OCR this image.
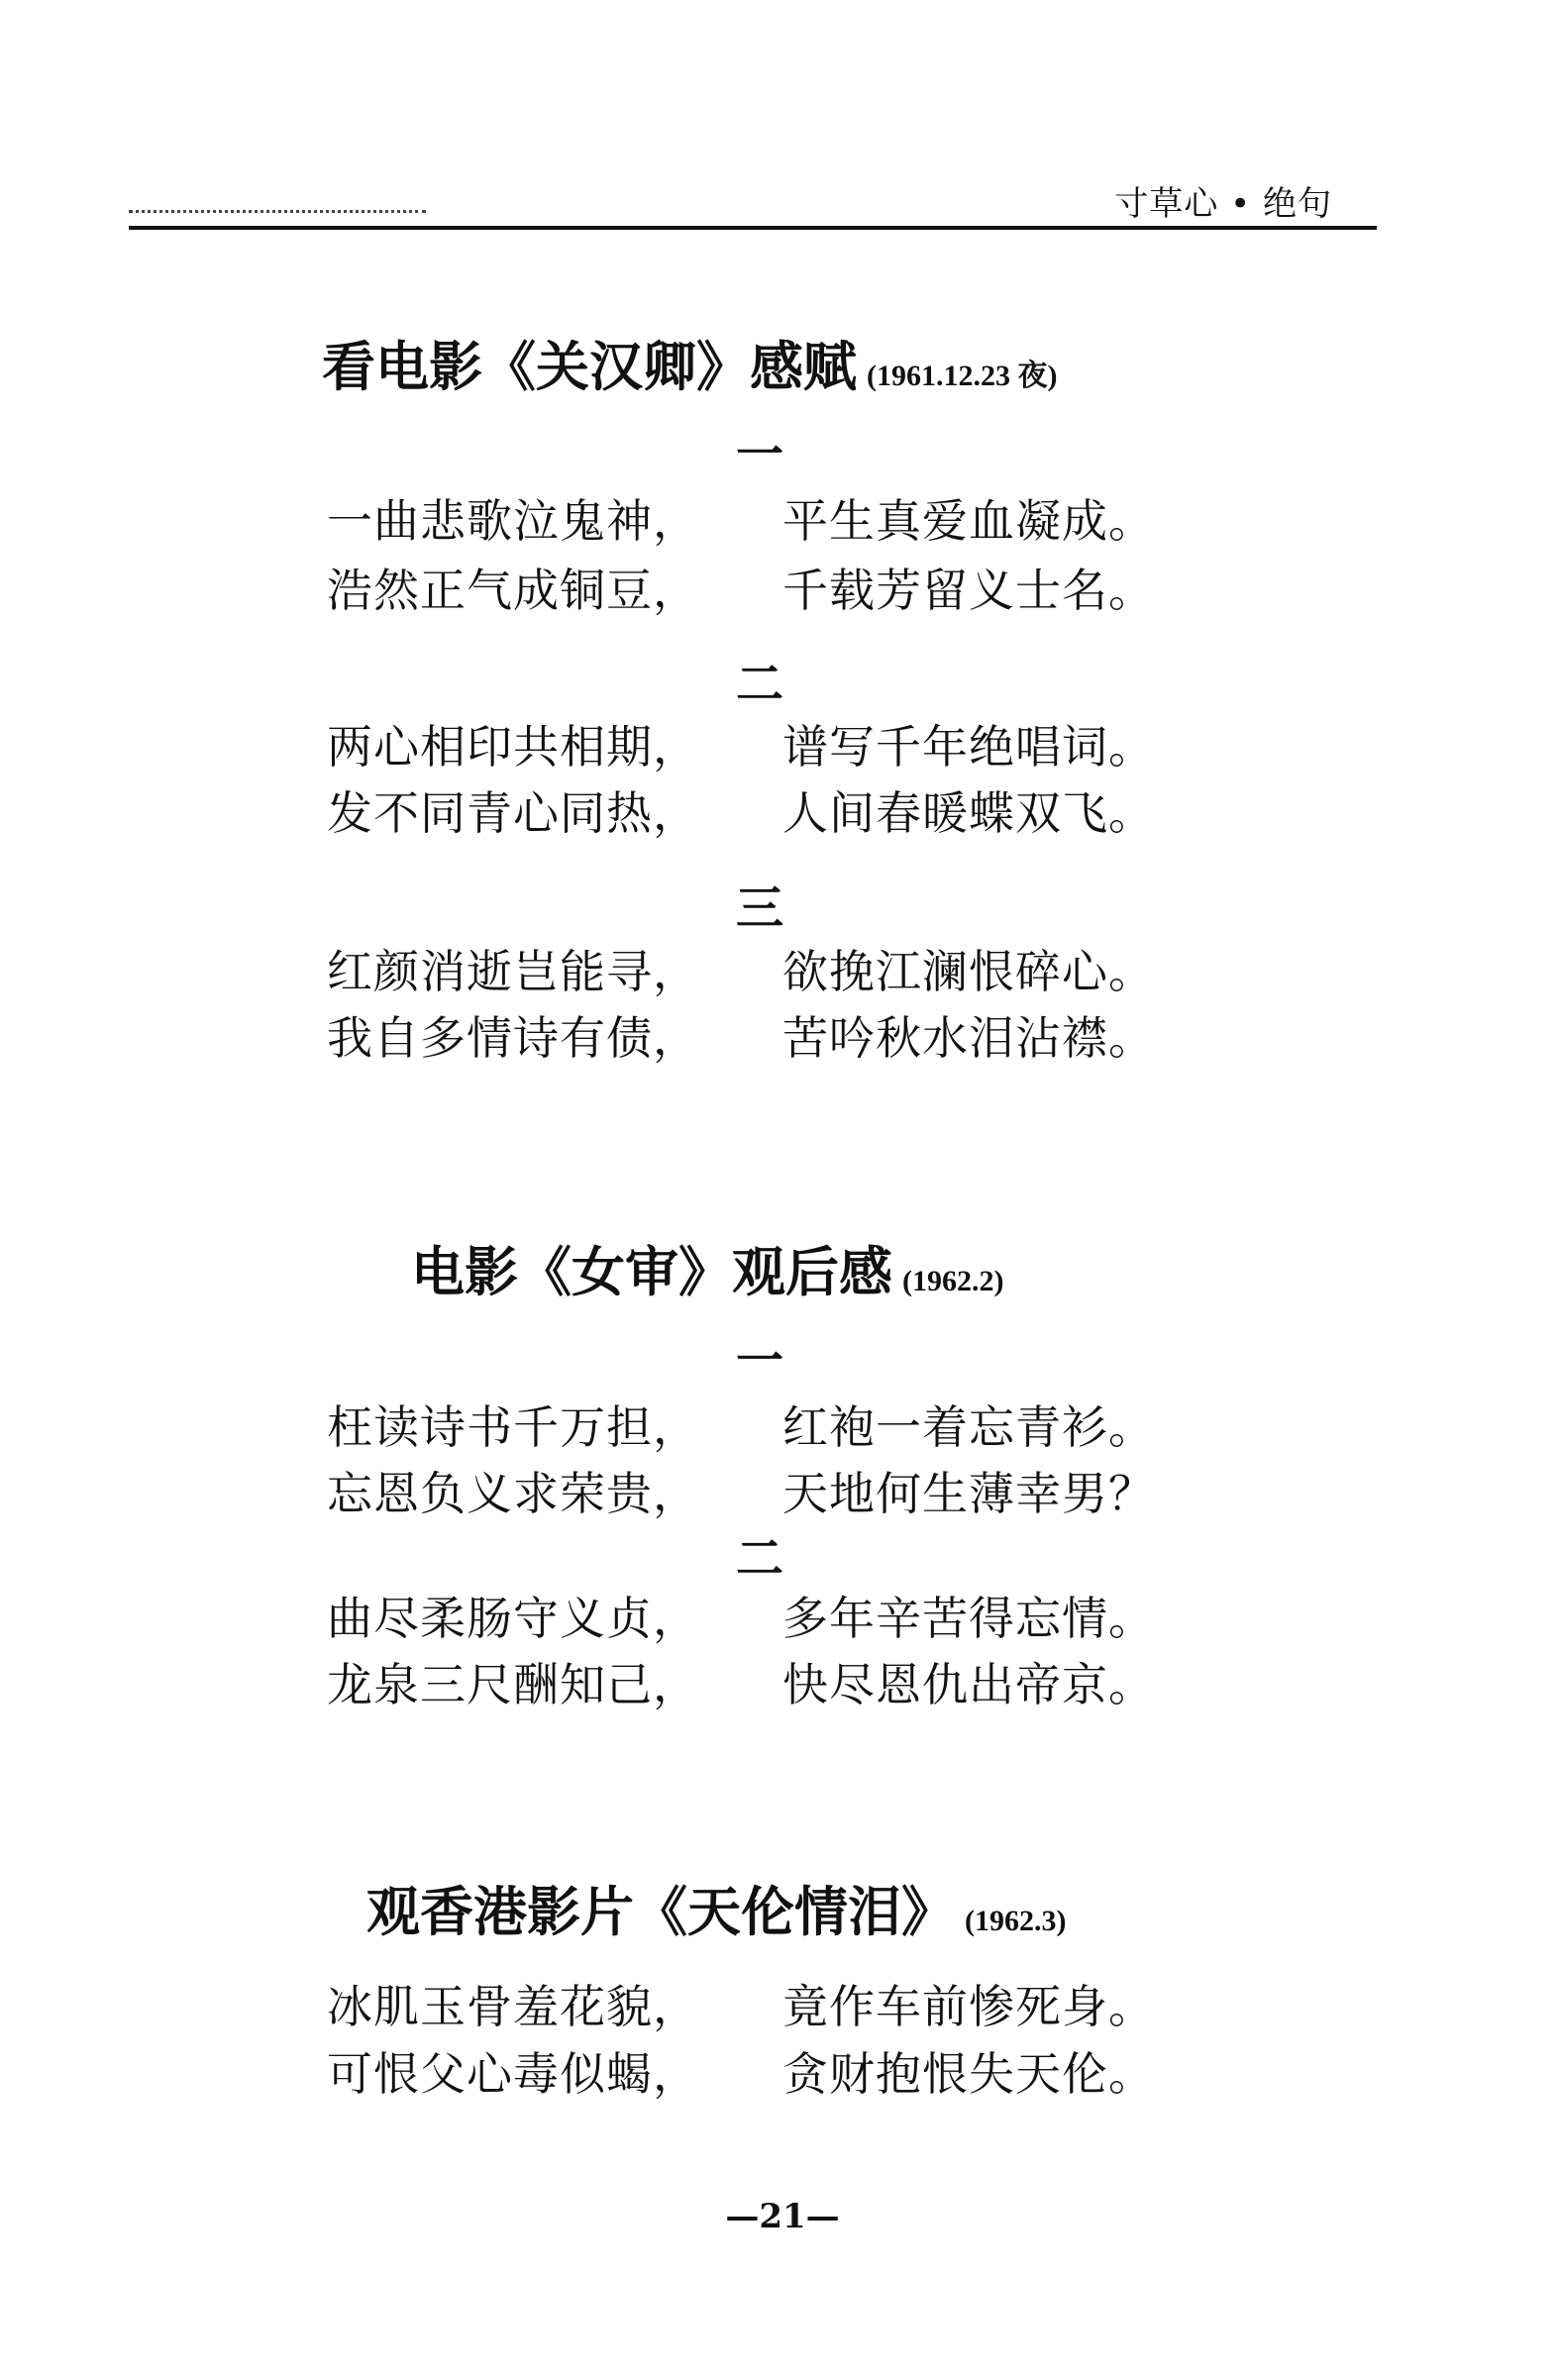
寸草心 • 绝句
看电影《关汉卿》感赋 (1961.12.23 夜)
一
一曲悲歌泣鬼神， 平生真爱血凝成。
浩然正气成铜豆， 千载芳留义士名。
二
两心相印共相期， 谱写千年绝唱词。
发不同青心同热， 人间春暖蝶双飞。
三
红颜消逝岂能寻， 欲挽江澜恨碎心。
我自多情诗有债， 苦吟秋水泪沾襟。
电影《女审》观后感 (1962.2)
一
枉读诗书千万担， 红袍一着忘青衫。
忘恩负义求荣贵， 天地何生薄幸男？
二
曲尽柔肠守义贞， 多年辛苦得忘情。
龙泉三尺酬知己， 快尽恩仇出帝京。
观香港影片《天伦情泪》 (1962.3)
冰肌玉骨羞花貌， 竟作车前惨死身。
可恨父心毒似蝎， 贪财抱恨失天伦。
—21—
